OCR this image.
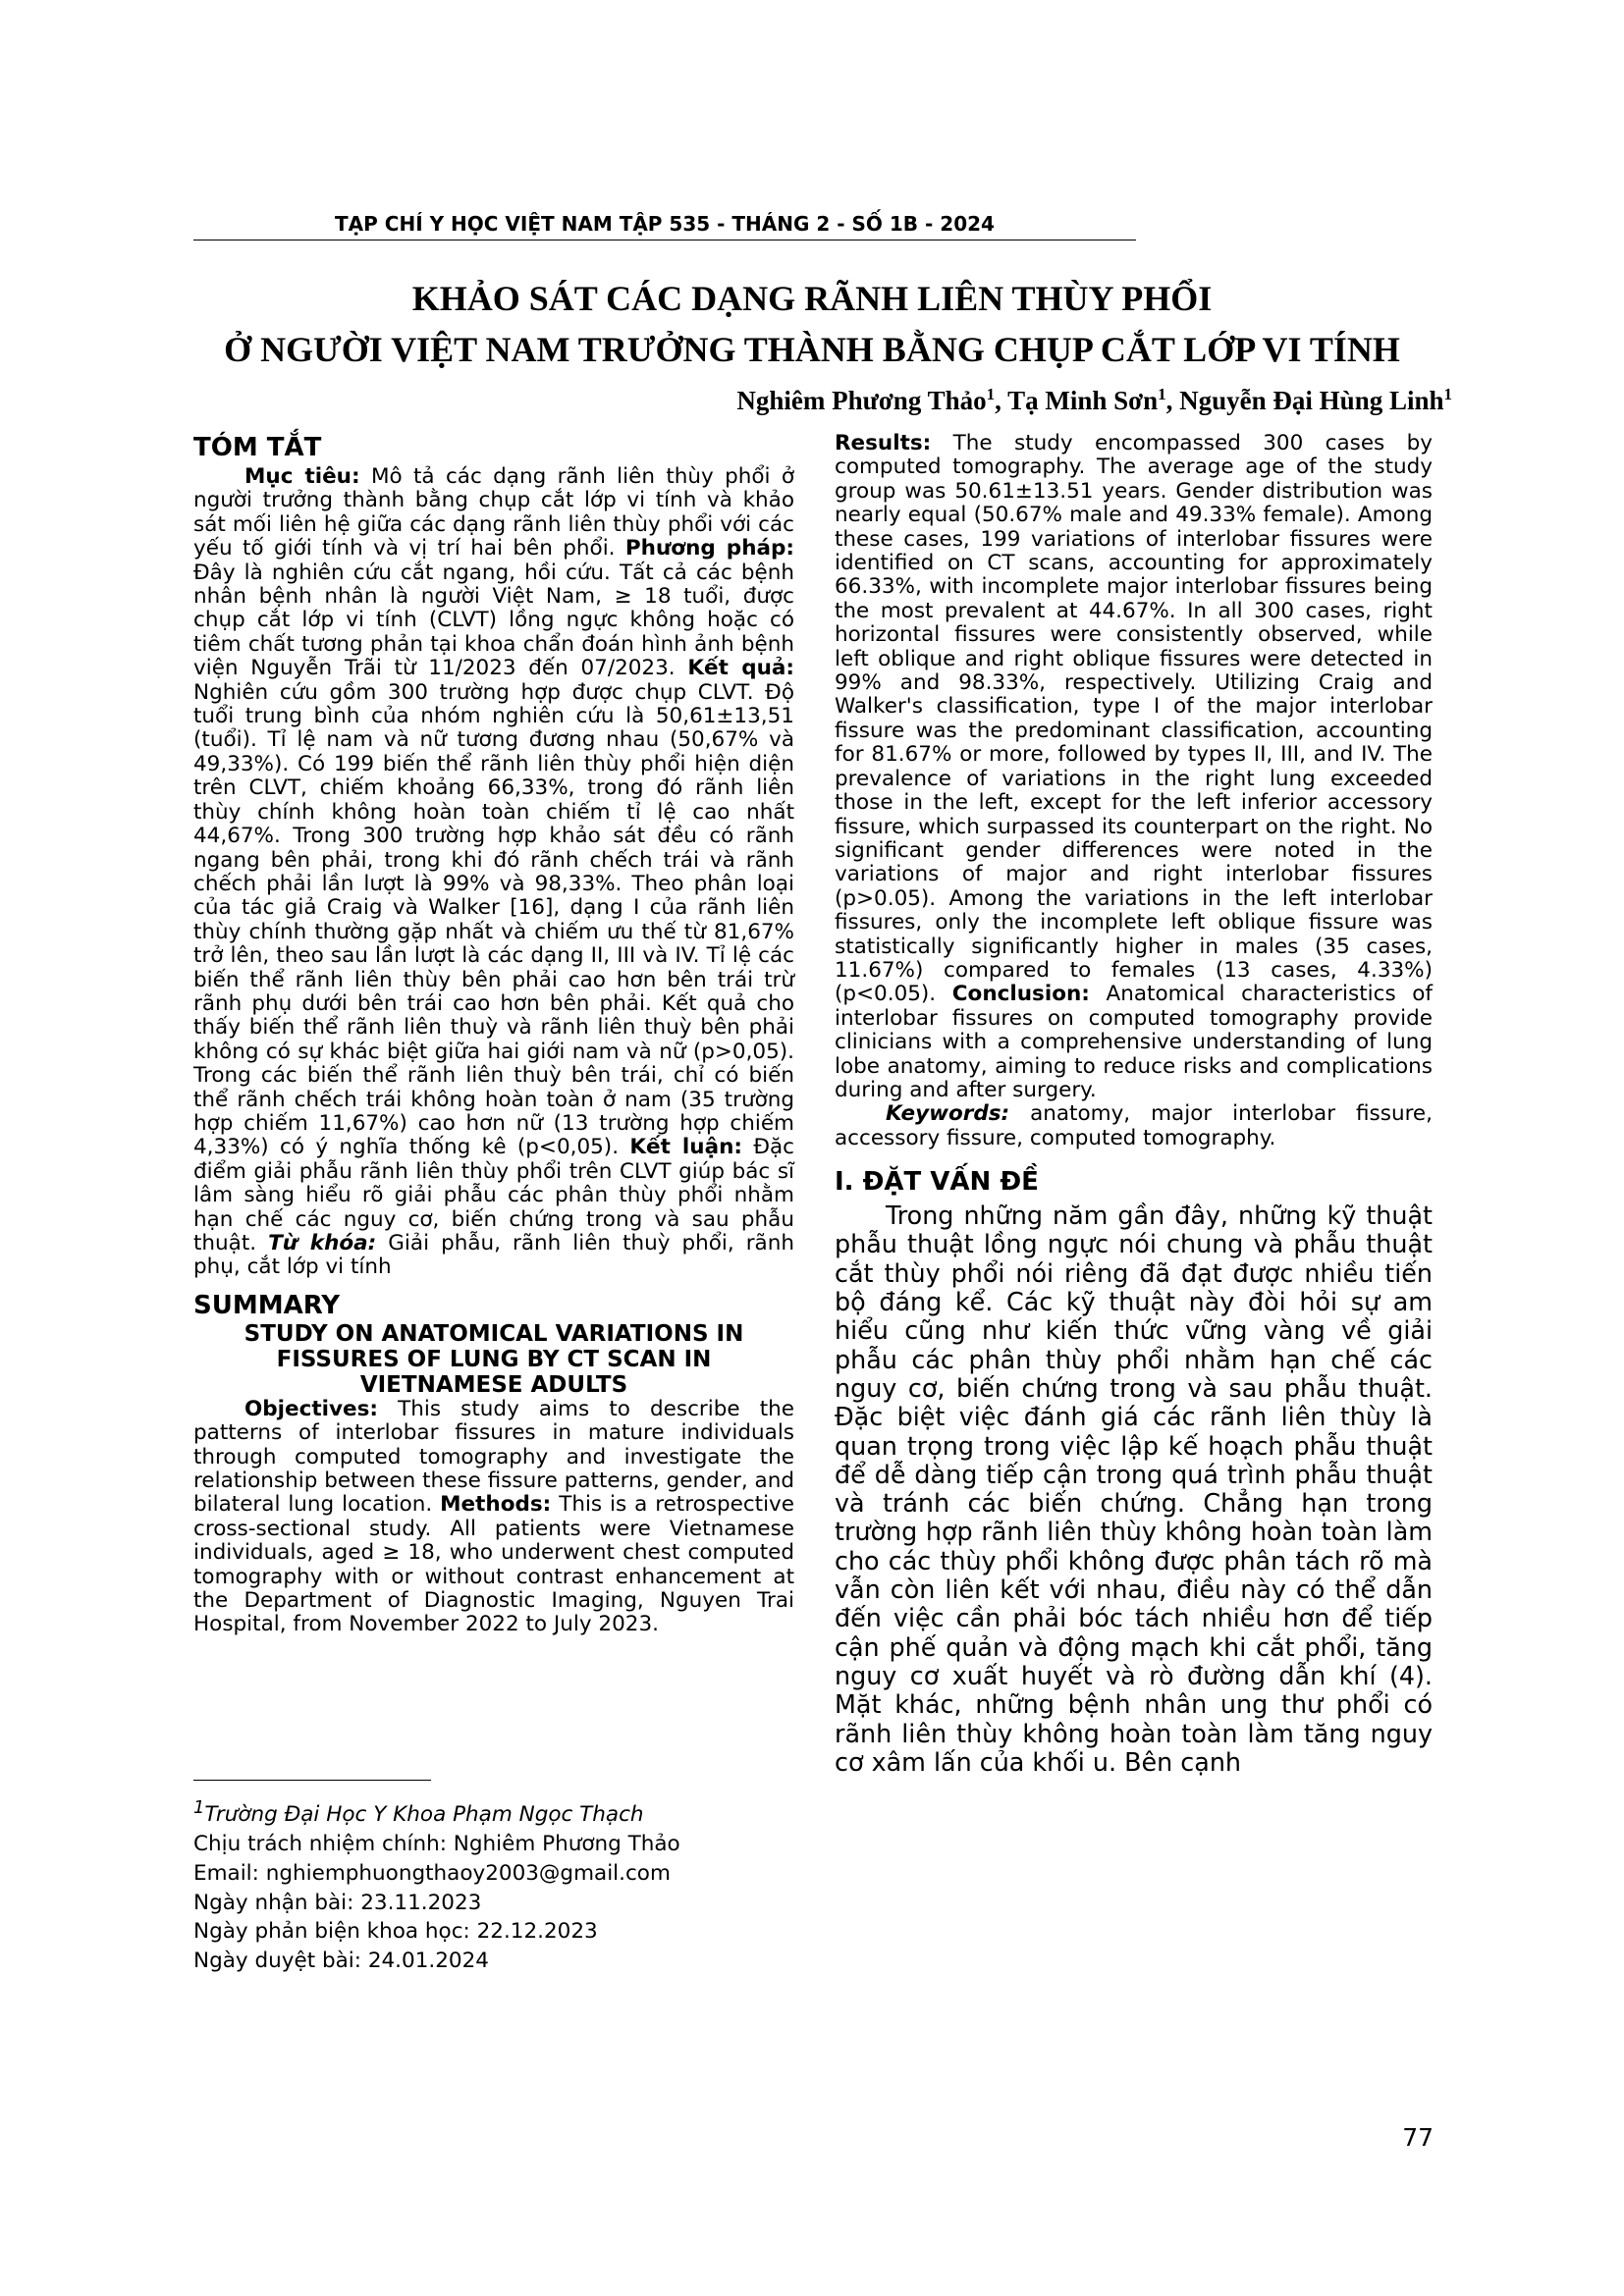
TẠP CHÍ Y HỌC VIỆT NAM TẬP 535 - THÁNG 2 - SỐ 1B - 2024
KHẢO SÁT CÁC DẠNG RÃNH LIÊN THÙY PHỔI
Ở NGƯỜI VIỆT NAM TRƯỞNG THÀNH BẰNG CHỤP CẮT LỚP VI TÍNH
Nghiêm Phương Thảo$^1$, Tạ Minh Sơn$^1$, Nguyễn Đại Hùng Linh$^1$

TÓM TẮT

Mục tiêu: Mô tả các dạng rãnh liên thùy phổi ở người trưởng thành bằng chụp cắt lớp vi tính và khảo sát mối liên hệ giữa các dạng rãnh liên thùy phổi với các yếu tố giới tính và vị trí hai bên phổi. Phương pháp: Đây là nghiên cứu cắt ngang, hồi cứu. Tất cả các bệnh nhân bệnh nhân là người Việt Nam, ≥ 18 tuổi, được chụp cắt lớp vi tính (CLVT) lồng ngực không hoặc có tiêm chất tương phản tại khoa chẩn đoán hình ảnh bệnh viện Nguyễn Trãi từ 11/2023 đến 07/2023. Kết quả: Nghiên cứu gồm 300 trường hợp được chụp CLVT. Độ tuổi trung bình của nhóm nghiên cứu là 50,61±13,51 (tuổi). Tỉ lệ nam và nữ tương đương nhau (50,67% và 49,33%). Có 199 biến thể rãnh liên thùy phổi hiện diện trên CLVT, chiếm khoảng 66,33%, trong đó rãnh liên thùy chính không hoàn toàn chiếm tỉ lệ cao nhất 44,67%. Trong 300 trường hợp khảo sát đều có rãnh ngang bên phải, trong khi đó rãnh chếch trái và rãnh chếch phải lần lượt là 99% và 98,33%. Theo phân loại của tác giả Craig và Walker [16], dạng I của rãnh liên thùy chính thường gặp nhất và chiếm ưu thế từ 81,67% trở lên, theo sau lần lượt là các dạng II, III và IV. Tỉ lệ các biến thể rãnh liên thùy bên phải cao hơn bên trái trừ rãnh phụ dưới bên trái cao hơn bên phải. Kết quả cho thấy biến thể rãnh liên thuỳ và rãnh liên thuỳ bên phải không có sự khác biệt giữa hai giới nam và nữ (p>0,05). Trong các biến thể rãnh liên thuỳ bên trái, chỉ có biến thể rãnh chếch trái không hoàn toàn ở nam (35 trường hợp chiếm 11,67%) cao hơn nữ (13 trường hợp chiếm 4,33%) có ý nghĩa thống kê (p<0,05). Kết luận: Đặc điểm giải phẫu rãnh liên thùy phổi trên CLVT giúp bác sĩ lâm sàng hiểu rõ giải phẫu các phân thùy phổi nhằm hạn chế các nguy cơ, biến chứng trong và sau phẫu thuật. Từ khóa: Giải phẫu, rãnh liên thuỳ phổi, rãnh phụ, cắt lớp vi tính

SUMMARY

STUDY ON ANATOMICAL VARIATIONS IN
FISSURES OF LUNG BY CT SCAN IN
VIETNAMESE ADULTS

Objectives: This study aims to describe the patterns of interlobar fissures in mature individuals through computed tomography and investigate the relationship between these fissure patterns, gender, and bilateral lung location. Methods: This is a retrospective cross-sectional study. All patients were Vietnamese individuals, aged ≥ 18, who underwent chest computed tomography with or without contrast enhancement at the Department of Diagnostic Imaging, Nguyen Trai Hospital, from November 2022 to July 2023.

$^1$Trường Đại Học Y Khoa Phạm Ngọc Thạch
Chịu trách nhiệm chính: Nghiêm Phương Thảo
Email: nghiemphuongthaoy2003@gmail.com
Ngày nhận bài: 23.11.2023
Ngày phản biện khoa học: 22.12.2023
Ngày duyệt bài: 24.01.2024

Results: The study encompassed 300 cases by computed tomography. The average age of the study group was 50.61±13.51 years. Gender distribution was nearly equal (50.67% male and 49.33% female). Among these cases, 199 variations of interlobar fissures were identified on CT scans, accounting for approximately 66.33%, with incomplete major interlobar fissures being the most prevalent at 44.67%. In all 300 cases, right horizontal fissures were consistently observed, while left oblique and right oblique fissures were detected in 99% and 98.33%, respectively. Utilizing Craig and Walker's classification, type I of the major interlobar fissure was the predominant classification, accounting for 81.67% or more, followed by types II, III, and IV. The prevalence of variations in the right lung exceeded those in the left, except for the left inferior accessory fissure, which surpassed its counterpart on the right. No significant gender differences were noted in the variations of major and right interlobar fissures (p>0.05). Among the variations in the left interlobar fissures, only the incomplete left oblique fissure was statistically significantly higher in males (35 cases, 11.67%) compared to females (13 cases, 4.33%) (p<0.05). Conclusion: Anatomical characteristics of interlobar fissures on computed tomography provide clinicians with a comprehensive understanding of lung lobe anatomy, aiming to reduce risks and complications during and after surgery.

Keywords: anatomy, major interlobar fissure, accessory fissure, computed tomography.

I. ĐẶT VẤN ĐỀ

Trong những năm gần đây, những kỹ thuật phẫu thuật lồng ngực nói chung và phẫu thuật cắt thùy phổi nói riêng đã đạt được nhiều tiến bộ đáng kể. Các kỹ thuật này đòi hỏi sự am hiểu cũng như kiến thức vững vàng về giải phẫu các phân thùy phổi nhằm hạn chế các nguy cơ, biến chứng trong và sau phẫu thuật. Đặc biệt việc đánh giá các rãnh liên thùy là quan trọng trong việc lập kế hoạch phẫu thuật để dễ dàng tiếp cận trong quá trình phẫu thuật và tránh các biến chứng. Chẳng hạn trong trường hợp rãnh liên thùy không hoàn toàn làm cho các thùy phổi không được phân tách rõ mà vẫn còn liên kết với nhau, điều này có thể dẫn đến việc cần phải bóc tách nhiều hơn để tiếp cận phế quản và động mạch khi cắt phổi, tăng nguy cơ xuất huyết và rò đường dẫn khí (4). Mặt khác, những bệnh nhân ung thư phổi có rãnh liên thùy không hoàn toàn làm tăng nguy cơ xâm lấn của khối u. Bên cạnh

77
